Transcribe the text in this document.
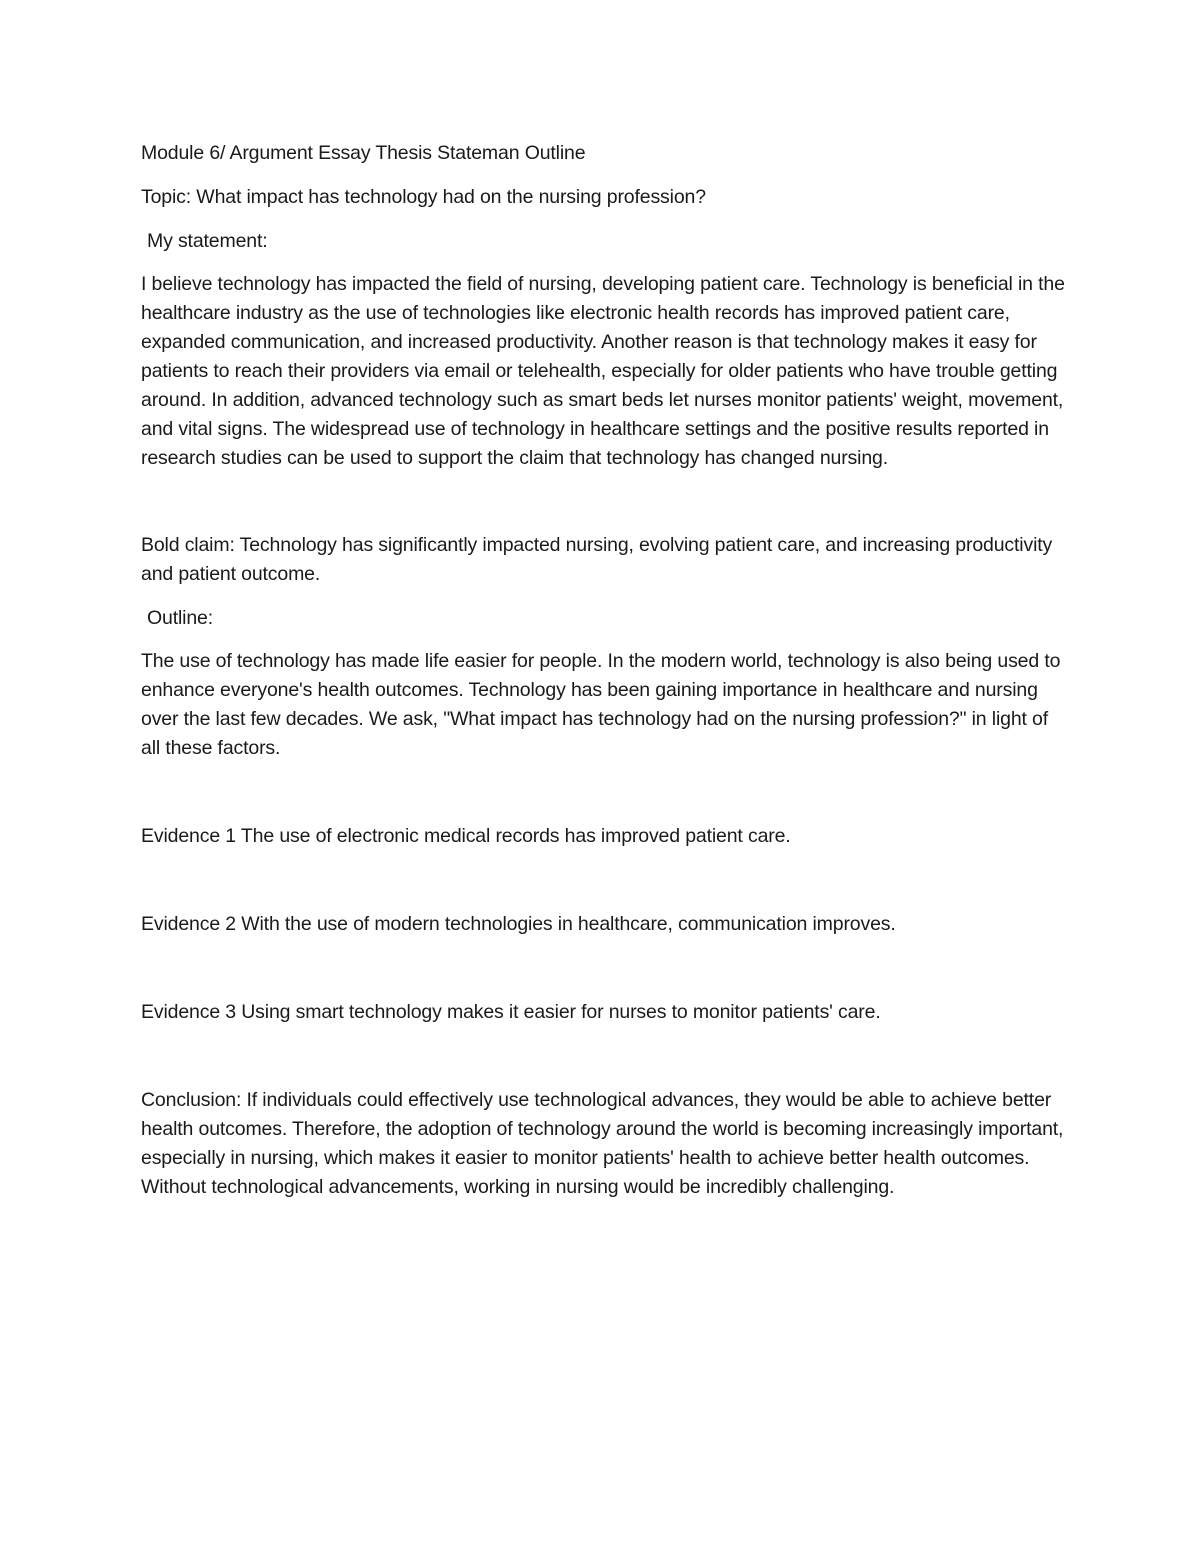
Module 6/ Argument Essay Thesis Stateman Outline

Topic: What impact has technology had on the nursing profession?

My statement:

I believe technology has impacted the field of nursing, developing patient care. Technology is beneficial in the healthcare industry as the use of technologies like electronic health records has improved patient care, expanded communication, and increased productivity. Another reason is that technology makes it easy for patients to reach their providers via email or telehealth, especially for older patients who have trouble getting around. In addition, advanced technology such as smart beds let nurses monitor patients' weight, movement, and vital signs. The widespread use of technology in healthcare settings and the positive results reported in research studies can be used to support the claim that technology has changed nursing.

Bold claim: Technology has significantly impacted nursing, evolving patient care, and increasing productivity and patient outcome.

Outline:

The use of technology has made life easier for people. In the modern world, technology is also being used to enhance everyone's health outcomes. Technology has been gaining importance in healthcare and nursing over the last few decades. We ask, "What impact has technology had on the nursing profession?" in light of all these factors.

Evidence 1 The use of electronic medical records has improved patient care.

Evidence 2 With the use of modern technologies in healthcare, communication improves.

Evidence 3 Using smart technology makes it easier for nurses to monitor patients' care.

Conclusion: If individuals could effectively use technological advances, they would be able to achieve better health outcomes. Therefore, the adoption of technology around the world is becoming increasingly important, especially in nursing, which makes it easier to monitor patients' health to achieve better health outcomes. Without technological advancements, working in nursing would be incredibly challenging.
